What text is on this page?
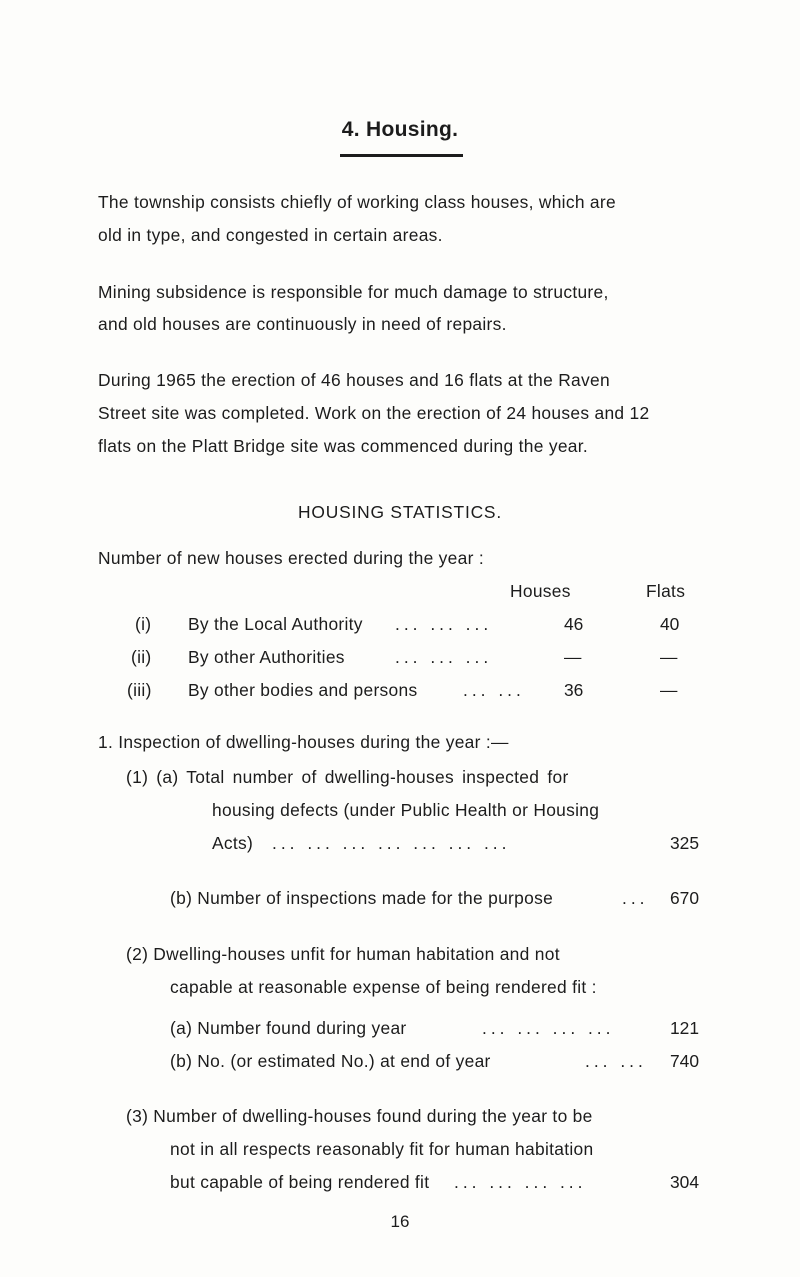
4. Housing.
The township consists chiefly of working class houses, which are
old in type, and congested in certain areas.
Mining subsidence is responsible for much damage to structure,
and old houses are continuously in need of repairs.
During 1965 the erection of 46 houses and 16 flats at the Raven
Street site was completed. Work on the erection of 24 houses and 12
flats on the Platt Bridge site was commenced during the year.
HOUSING STATISTICS.
Number of new houses erected during the year :
Houses	Flats
(i) By the Local Authority ... ... ...	46	40
(ii) By other Authorities	... ... ...	—	—
(iii) By other bodies and persons	... ... 36	—
1. Inspection of dwelling-houses during the year :—
(1) (a) Total number of dwelling-houses inspected for
housing defects (under Public Health or Housing
Acts) ... ... ... ... ... ... ...	325
(b) Number of inspections made for the purpose	... 670
(2) Dwelling-houses unfit for human habitation and not
capable at reasonable expense of being rendered fit :
(a) Number found during year	... ... ... ...	121
(b) No. (or estimated No.) at end of year	... ... 740
(3) Number of dwelling-houses found during the year to be
not in all respects reasonably fit for human habitation
but capable of being rendered fit ... ... ... ...	304
16
